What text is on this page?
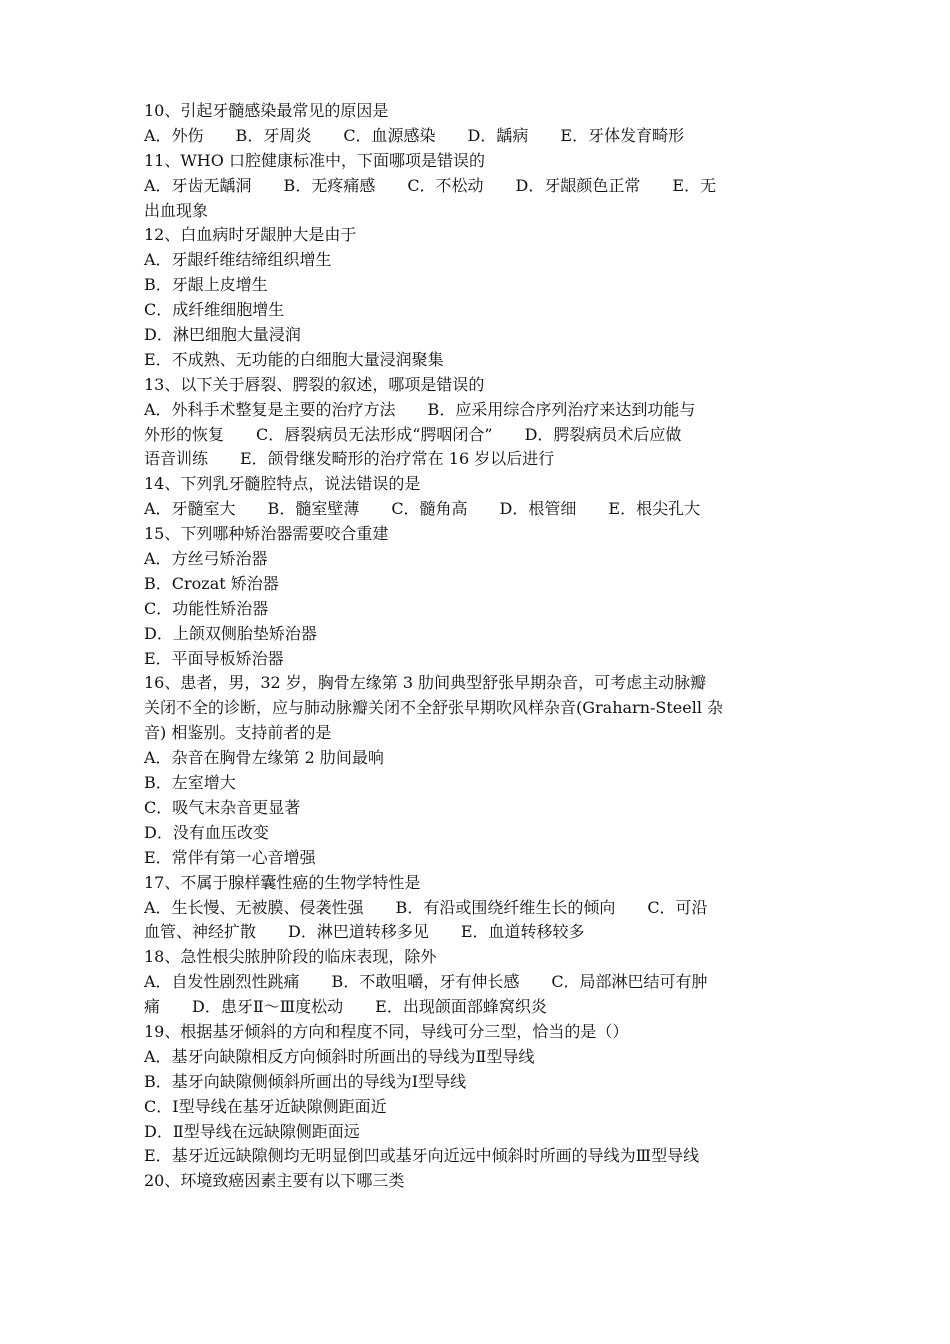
10、引起牙髓感染最常见的原因是
A．外伤　　B．牙周炎　　C．血源感染　　D．龋病　　E．牙体发育畸形
11、WHO 口腔健康标准中，下面哪项是错误的
A．牙齿无龋洞　　B．无疼痛感　　C．不松动　　D．牙龈颜色正常　　E．无
出血现象
12、白血病时牙龈肿大是由于
A．牙龈纤维结缔组织增生
B．牙龈上皮增生
C．成纤维细胞增生
D．淋巴细胞大量浸润
E．不成熟、无功能的白细胞大量浸润聚集
13、以下关于唇裂、腭裂的叙述，哪项是错误的
A．外科手术整复是主要的治疗方法　　B．应采用综合序列治疗来达到功能与
外形的恢复　　C．唇裂病员无法形成“腭咽闭合”　　D．腭裂病员术后应做
语音训练　　E．颌骨继发畸形的治疗常在 16 岁以后进行
14、下列乳牙髓腔特点，说法错误的是
A．牙髓室大　　B．髓室壁薄　　C．髓角高　　D．根管细　　E．根尖孔大
15、下列哪种矫治器需要咬合重建
A．方丝弓矫治器
B．Crozat 矫治器
C．功能性矫治器
D．上颌双侧胎垫矫治器
E．平面导板矫治器
16、患者，男，32 岁，胸骨左缘第 3 肋间典型舒张早期杂音，可考虑主动脉瓣
关闭不全的诊断，应与肺动脉瓣关闭不全舒张早期吹风样杂音(Graharn-Steell 杂
音) 相鉴别。支持前者的是
A．杂音在胸骨左缘第 2 肋间最响
B．左室增大
C．吸气末杂音更显著
D．没有血压改变
E．常伴有第一心音增强
17、不属于腺样囊性癌的生物学特性是
A．生长慢、无被膜、侵袭性强　　B．有沿或围绕纤维生长的倾向　　C．可沿
血管、神经扩散　　D．淋巴道转移多见　　E．血道转移较多
18、急性根尖脓肿阶段的临床表现，除外
A．自发性剧烈性跳痛　　B．不敢咀嚼，牙有伸长感　　C．局部淋巴结可有肿
痛　　D．患牙Ⅱ～Ⅲ度松动　　E．出现颌面部蜂窝织炎
19、根据基牙倾斜的方向和程度不同，导线可分三型，恰当的是（）
A．基牙向缺隙相反方向倾斜时所画出的导线为Ⅱ型导线
B．基牙向缺隙侧倾斜所画出的导线为Ⅰ型导线
C．Ⅰ型导线在基牙近缺隙侧距面近
D．Ⅱ型导线在远缺隙侧距面远
E．基牙近远缺隙侧均无明显倒凹或基牙向近远中倾斜时所画的导线为Ⅲ型导线
20、环境致癌因素主要有以下哪三类
